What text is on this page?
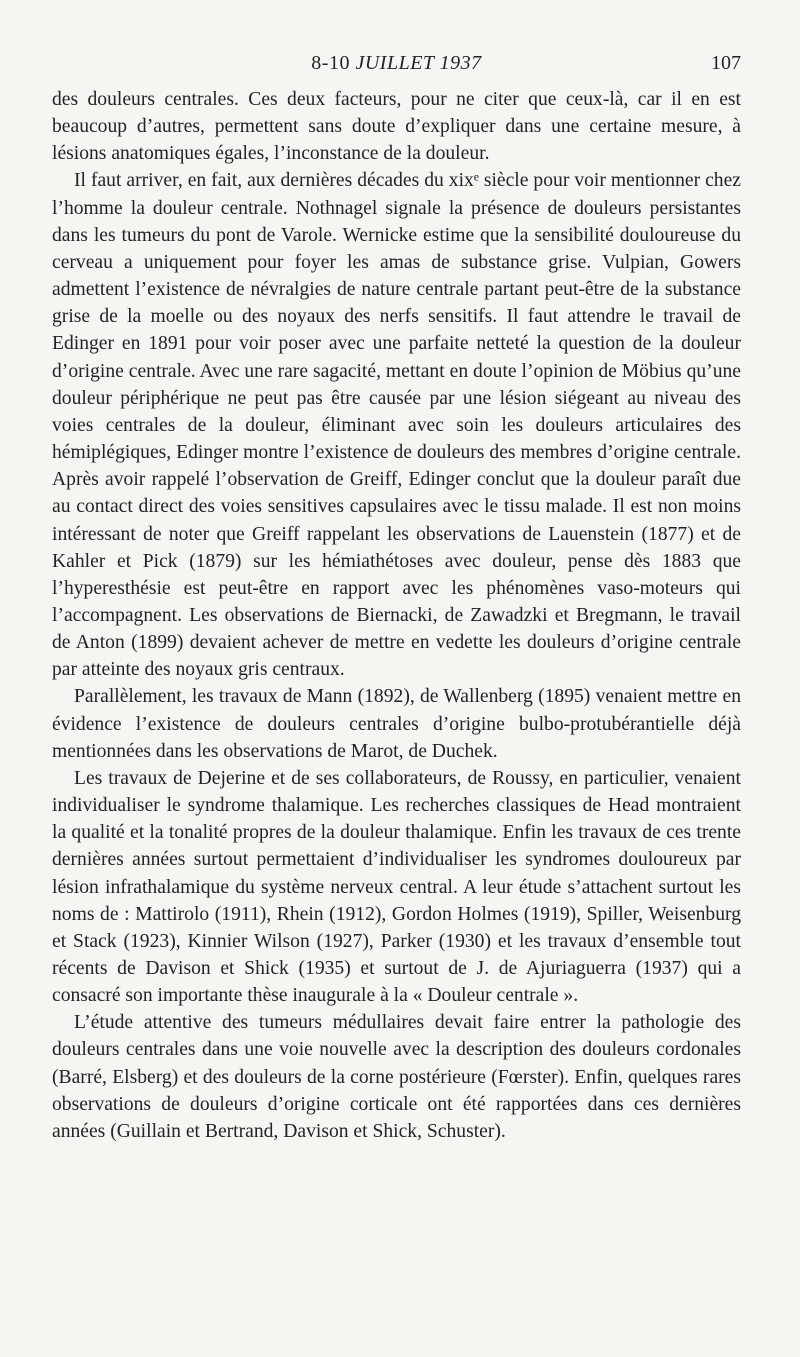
8-10 JUILLET 1937	107

des douleurs centrales. Ces deux facteurs, pour ne citer que ceux-là, car il en est beaucoup d’autres, permettent sans doute d’expliquer dans une certaine mesure, à lésions anatomiques égales, l’inconstance de la douleur.

Il faut arriver, en fait, aux dernières décades du xixᵉ siècle pour voir mentionner chez l’homme la douleur centrale. Nothnagel signale la présence de douleurs persistantes dans les tumeurs du pont de Varole. Wernicke estime que la sensibilité douloureuse du cerveau a uniquement pour foyer les amas de substance grise. Vulpian, Gowers admettent l’existence de névralgies de nature centrale partant peut-être de la substance grise de la moelle ou des noyaux des nerfs sensitifs. Il faut attendre le travail de Edinger en 1891 pour voir poser avec une parfaite netteté la question de la douleur d’origine centrale. Avec une rare sagacité, mettant en doute l’opinion de Möbius qu’une douleur périphérique ne peut pas être causée par une lésion siégeant au niveau des voies centrales de la douleur, éliminant avec soin les douleurs articulaires des hémiplégiques, Edinger montre l’existence de douleurs des membres d’origine centrale. Après avoir rappelé l’observation de Greiff, Edinger conclut que la douleur paraît due au contact direct des voies sensitives capsulaires avec le tissu malade. Il est non moins intéressant de noter que Greiff rappelant les observations de Lauenstein (1877) et de Kahler et Pick (1879) sur les hémiathétoses avec douleur, pense dès 1883 que l’hyperesthésie est peut-être en rapport avec les phénomènes vaso-moteurs qui l’accompagnent. Les observations de Biernacki, de Zawadzki et Bregmann, le travail de Anton (1899) devaient achever de mettre en vedette les douleurs d’origine centrale par atteinte des noyaux gris centraux.

Parallèlement, les travaux de Mann (1892), de Wallenberg (1895) venaient mettre en évidence l’existence de douleurs centrales d’origine bulbo-protubérantielle déjà mentionnées dans les observations de Marot, de Duchek.

Les travaux de Dejerine et de ses collaborateurs, de Roussy, en particulier, venaient individualiser le syndrome thalamique. Les recherches classiques de Head montraient la qualité et la tonalité propres de la douleur thalamique. Enfin les travaux de ces trente dernières années surtout permettaient d’individualiser les syndromes douloureux par lésion infrathalamique du système nerveux central. A leur étude s’attachent surtout les noms de : Mattirolo (1911), Rhein (1912), Gordon Holmes (1919), Spiller, Weisenburg et Stack (1923), Kinnier Wilson (1927), Parker (1930) et les travaux d’ensemble tout récents de Davison et Shick (1935) et surtout de J. de Ajuriaguerra (1937) qui a consacré son importante thèse inaugurale à la « Douleur centrale ».

L’étude attentive des tumeurs médullaires devait faire entrer la pathologie des douleurs centrales dans une voie nouvelle avec la description des douleurs cordonales (Barré, Elsberg) et des douleurs de la corne postérieure (Fœrster). Enfin, quelques rares observations de douleurs d’origine corticale ont été rapportées dans ces dernières années (Guillain et Bertrand, Davison et Shick, Schuster).
